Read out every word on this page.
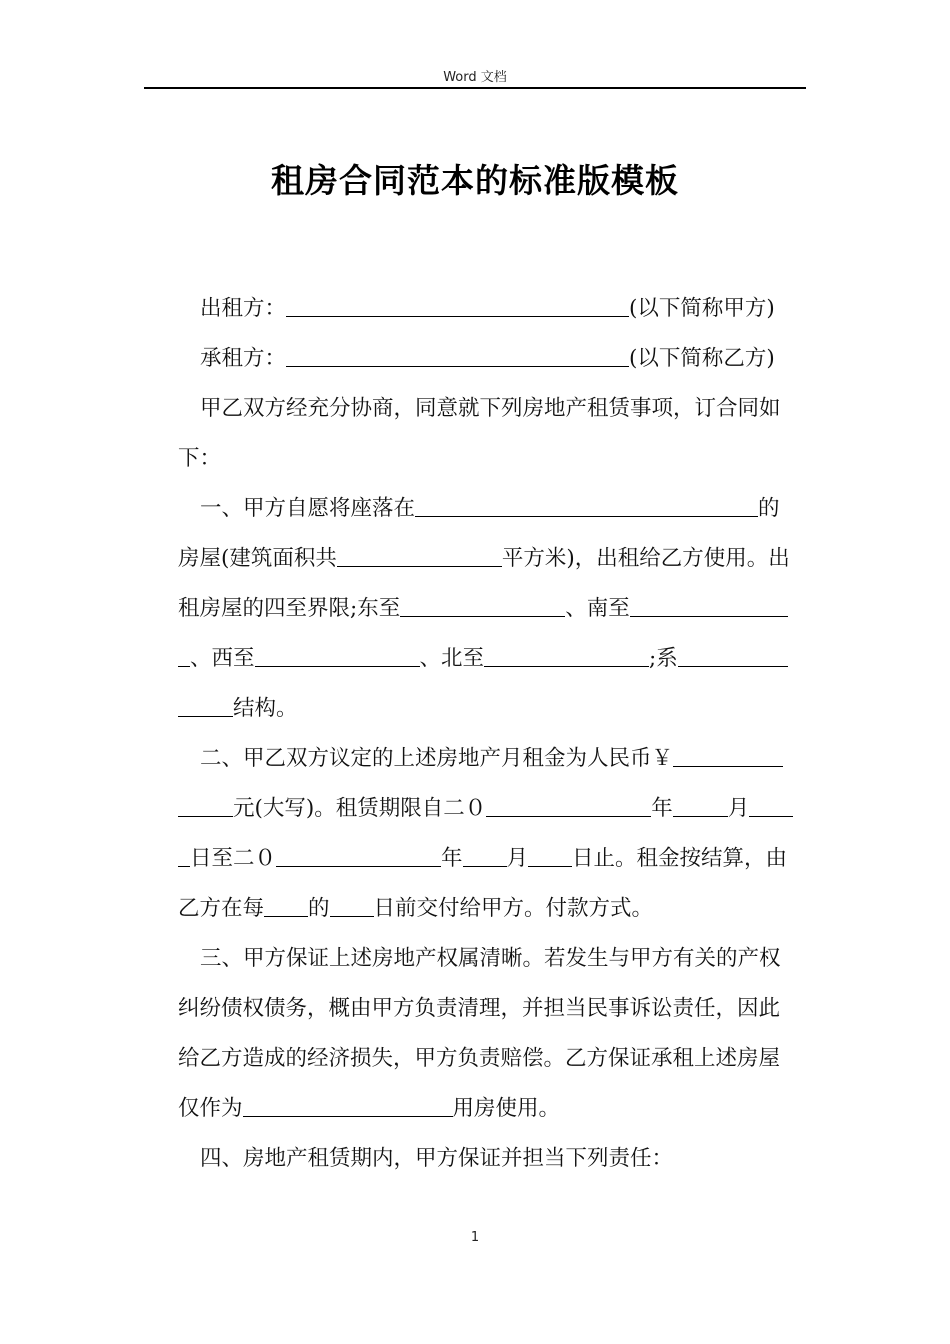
Word 文档
租房合同范本的标准版模板
出租方：	(以下简称甲方)
承租方：	(以下简称乙方)
甲乙双方经充分协商，同意就下列房地产租赁事项，订合同如
下：
一、甲方自愿将座落在	的
房屋(建筑面积共	平方米)，出租给乙方使用。出
租房屋的四至界限;东至	、南至
、西至	、北至	;系
结构。
二、甲乙双方议定的上述房地产月租金为人民币￥
元(大写)。租赁期限自二０	年	月
日至二０	年 月 日止。租金按结算，由
乙方在每 的 日前交付给甲方。付款方式。
三、甲方保证上述房地产权属清晰。若发生与甲方有关的产权
纠纷债权债务，概由甲方负责清理，并担当民事诉讼责任，因此
给乙方造成的经济损失，甲方负责赔偿。乙方保证承租上述房屋
仅作为	用房使用。
四、房地产租赁期内，甲方保证并担当下列责任：
1
